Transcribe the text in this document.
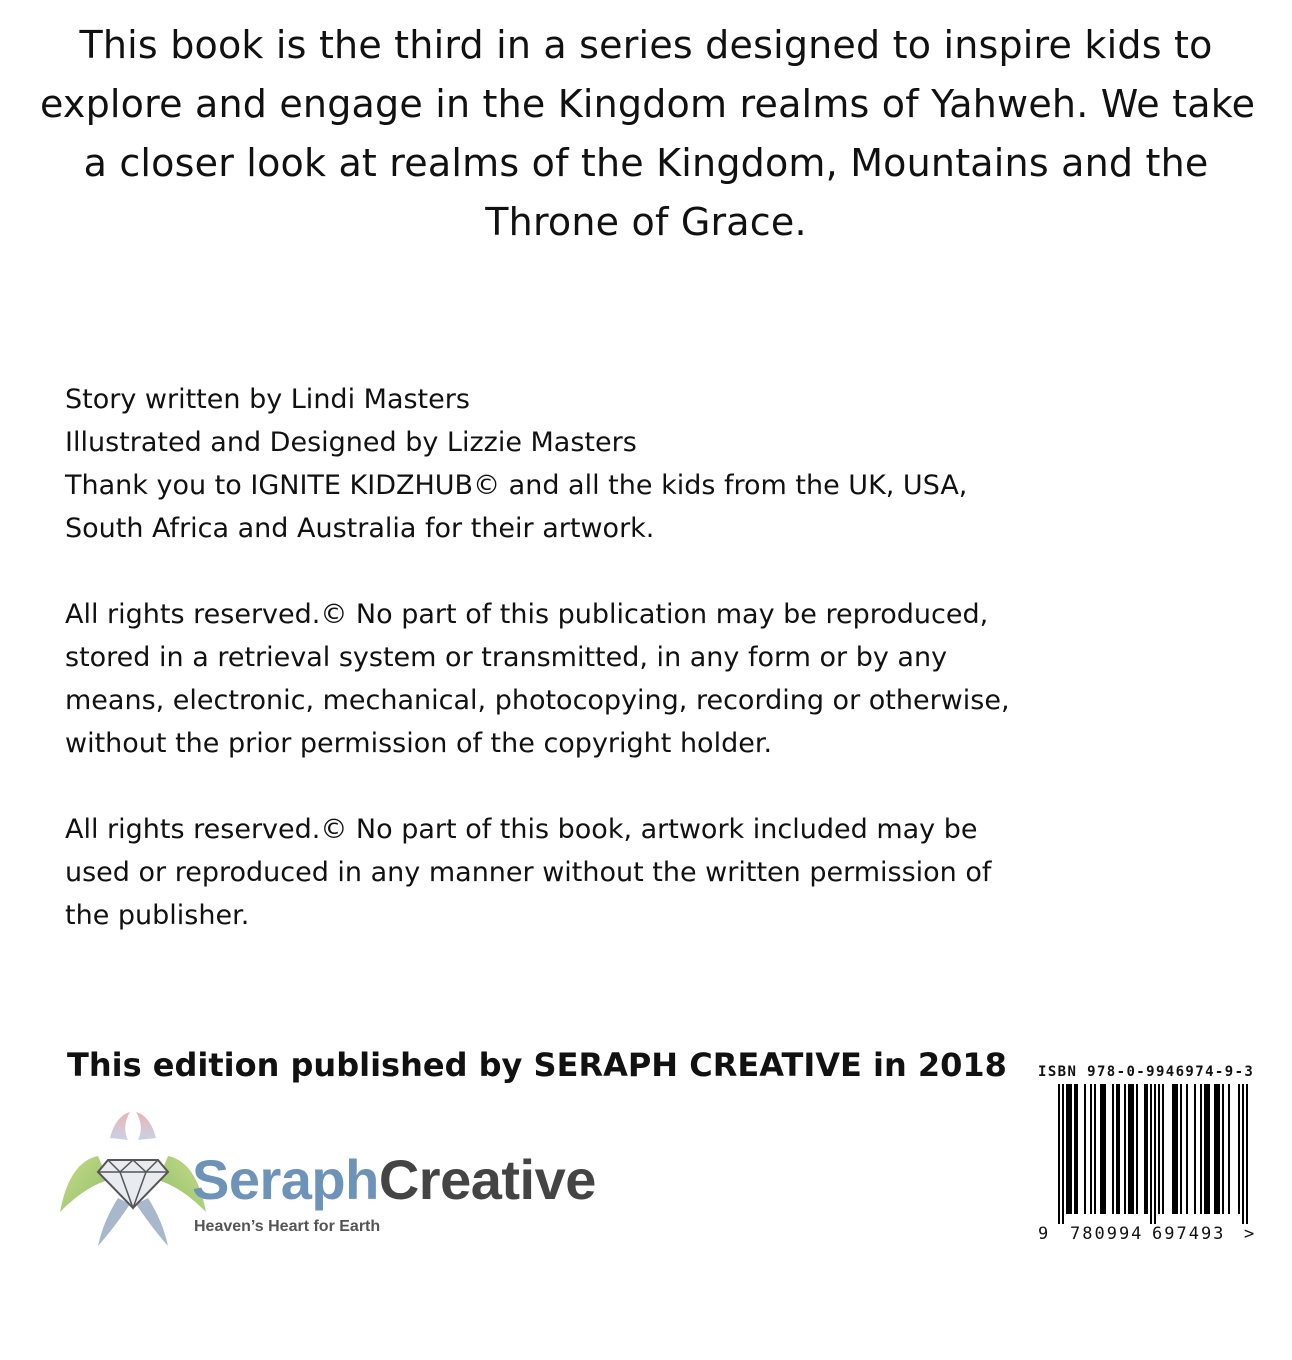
This book is the third in a series designed to inspire kids to
explore and engage in the Kingdom realms of Yahweh. We take
a closer look at realms of the Kingdom, Mountains and the
Throne of Grace.
Story written by Lindi Masters
Illustrated and Designed by Lizzie Masters
Thank you to IGNITE KIDZHUB© and all the kids from the UK, USA,
South Africa and Australia for their artwork.
All rights reserved.© No part of this publication may be reproduced,
stored in a retrieval system or transmitted, in any form or by any
means, electronic, mechanical, photocopying, recording or otherwise,
without the prior permission of the copyright holder.
All rights reserved.© No part of this book, artwork included may be
used or reproduced in any manner without the written permission of
the publisher.
This edition published by SERAPH CREATIVE in 2018
SeraphCreative
Heaven’s Heart for Earth
ISBN 978-0-9946974-9-3
9 780994 697493 >
